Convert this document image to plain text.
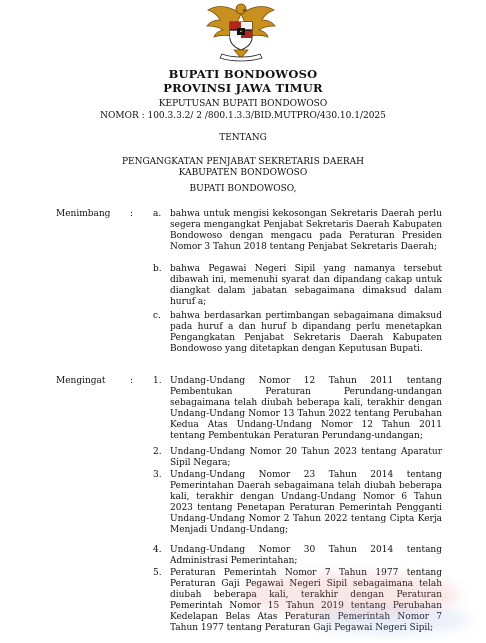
BUPATI BONDOWOSO
PROVINSI JAWA TIMUR
KEPUTUSAN BUPATI BONDOWOSO
NOMOR : 100.3.3.2/ 2 /800.1.3.3/BID.MUTPRO/430.10.1/2025
TENTANG
PENGANGKATAN PENJABAT SEKRETARIS DAERAH
KABUPATEN BONDOWOSO
BUPATI BONDOWOSO,
Menimbang : a. bahwa untuk mengisi kekosongan Sekretaris Daerah perlu segera mengangkat Penjabat Sekretaris Daerah Kabupaten Bondowoso dengan mengacu pada Peraturan Presiden Nomor 3 Tahun 2018 tentang Penjabat Sekretaris Daerah;
b. bahwa Pegawai Negeri Sipil yang namanya tersebut dibawah ini, memenuhi syarat dan dipandang cakap untuk diangkat dalam jabatan sebagaimana dimaksud dalam huruf a;
c. bahwa berdasarkan pertimbangan sebagaimana dimaksud pada huruf a dan huruf b dipandang perlu menetapkan Pengangkatan Penjabat Sekretaris Daerah Kabupaten Bondowoso yang ditetapkan dengan Keputusan Bupati.
Mengingat	: 1. Undang-Undang Nomor 12 Tahun 2011 tentang Pembentukan Peraturan Perundang-undangan sebagaimana telah diubah beberapa kali, terakhir dengan Undang-Undang Nomor 13 Tahun 2022 tentang Perubahan Kedua Atas Undang-Undang Nomor 12 Tahun 2011 tentang Pembentukan Peraturan Perundang-undangan;
2. Undang-Undang Nomor 20 Tahun 2023 tentang Aparatur Sipil Negara;
3. Undang-Undang Nomor 23 Tahun 2014 tentang Pemerintahan Daerah sebagaimana telah diubah beberapa kali, terakhir dengan Undang-Undang Nomor 6 Tahun 2023 tentang Penetapan Peraturan Pemerintah Pengganti Undang-Undang Nomor 2 Tahun 2022 tentang Cipta Kerja Menjadi Undang-Undang;
4. Undang-Undang Nomor 30 Tahun 2014 tentang Administrasi Pemerintahan;
5. Peraturan Pemerintah Nomor 7 Tahun 1977 tentang Peraturan Gaji Pegawai Negeri Sipil sebagaimana telah diubah beberapa kali, terakhir dengan Peraturan Pemerintah Nomor 15 Tahun 2019 tentang Perubahan Kedelapan Belas Atas Peraturan Pemerintah Nomor 7 Tahun 1977 tentang Peraturan Gaji Pegawai Negeri Sipil;
